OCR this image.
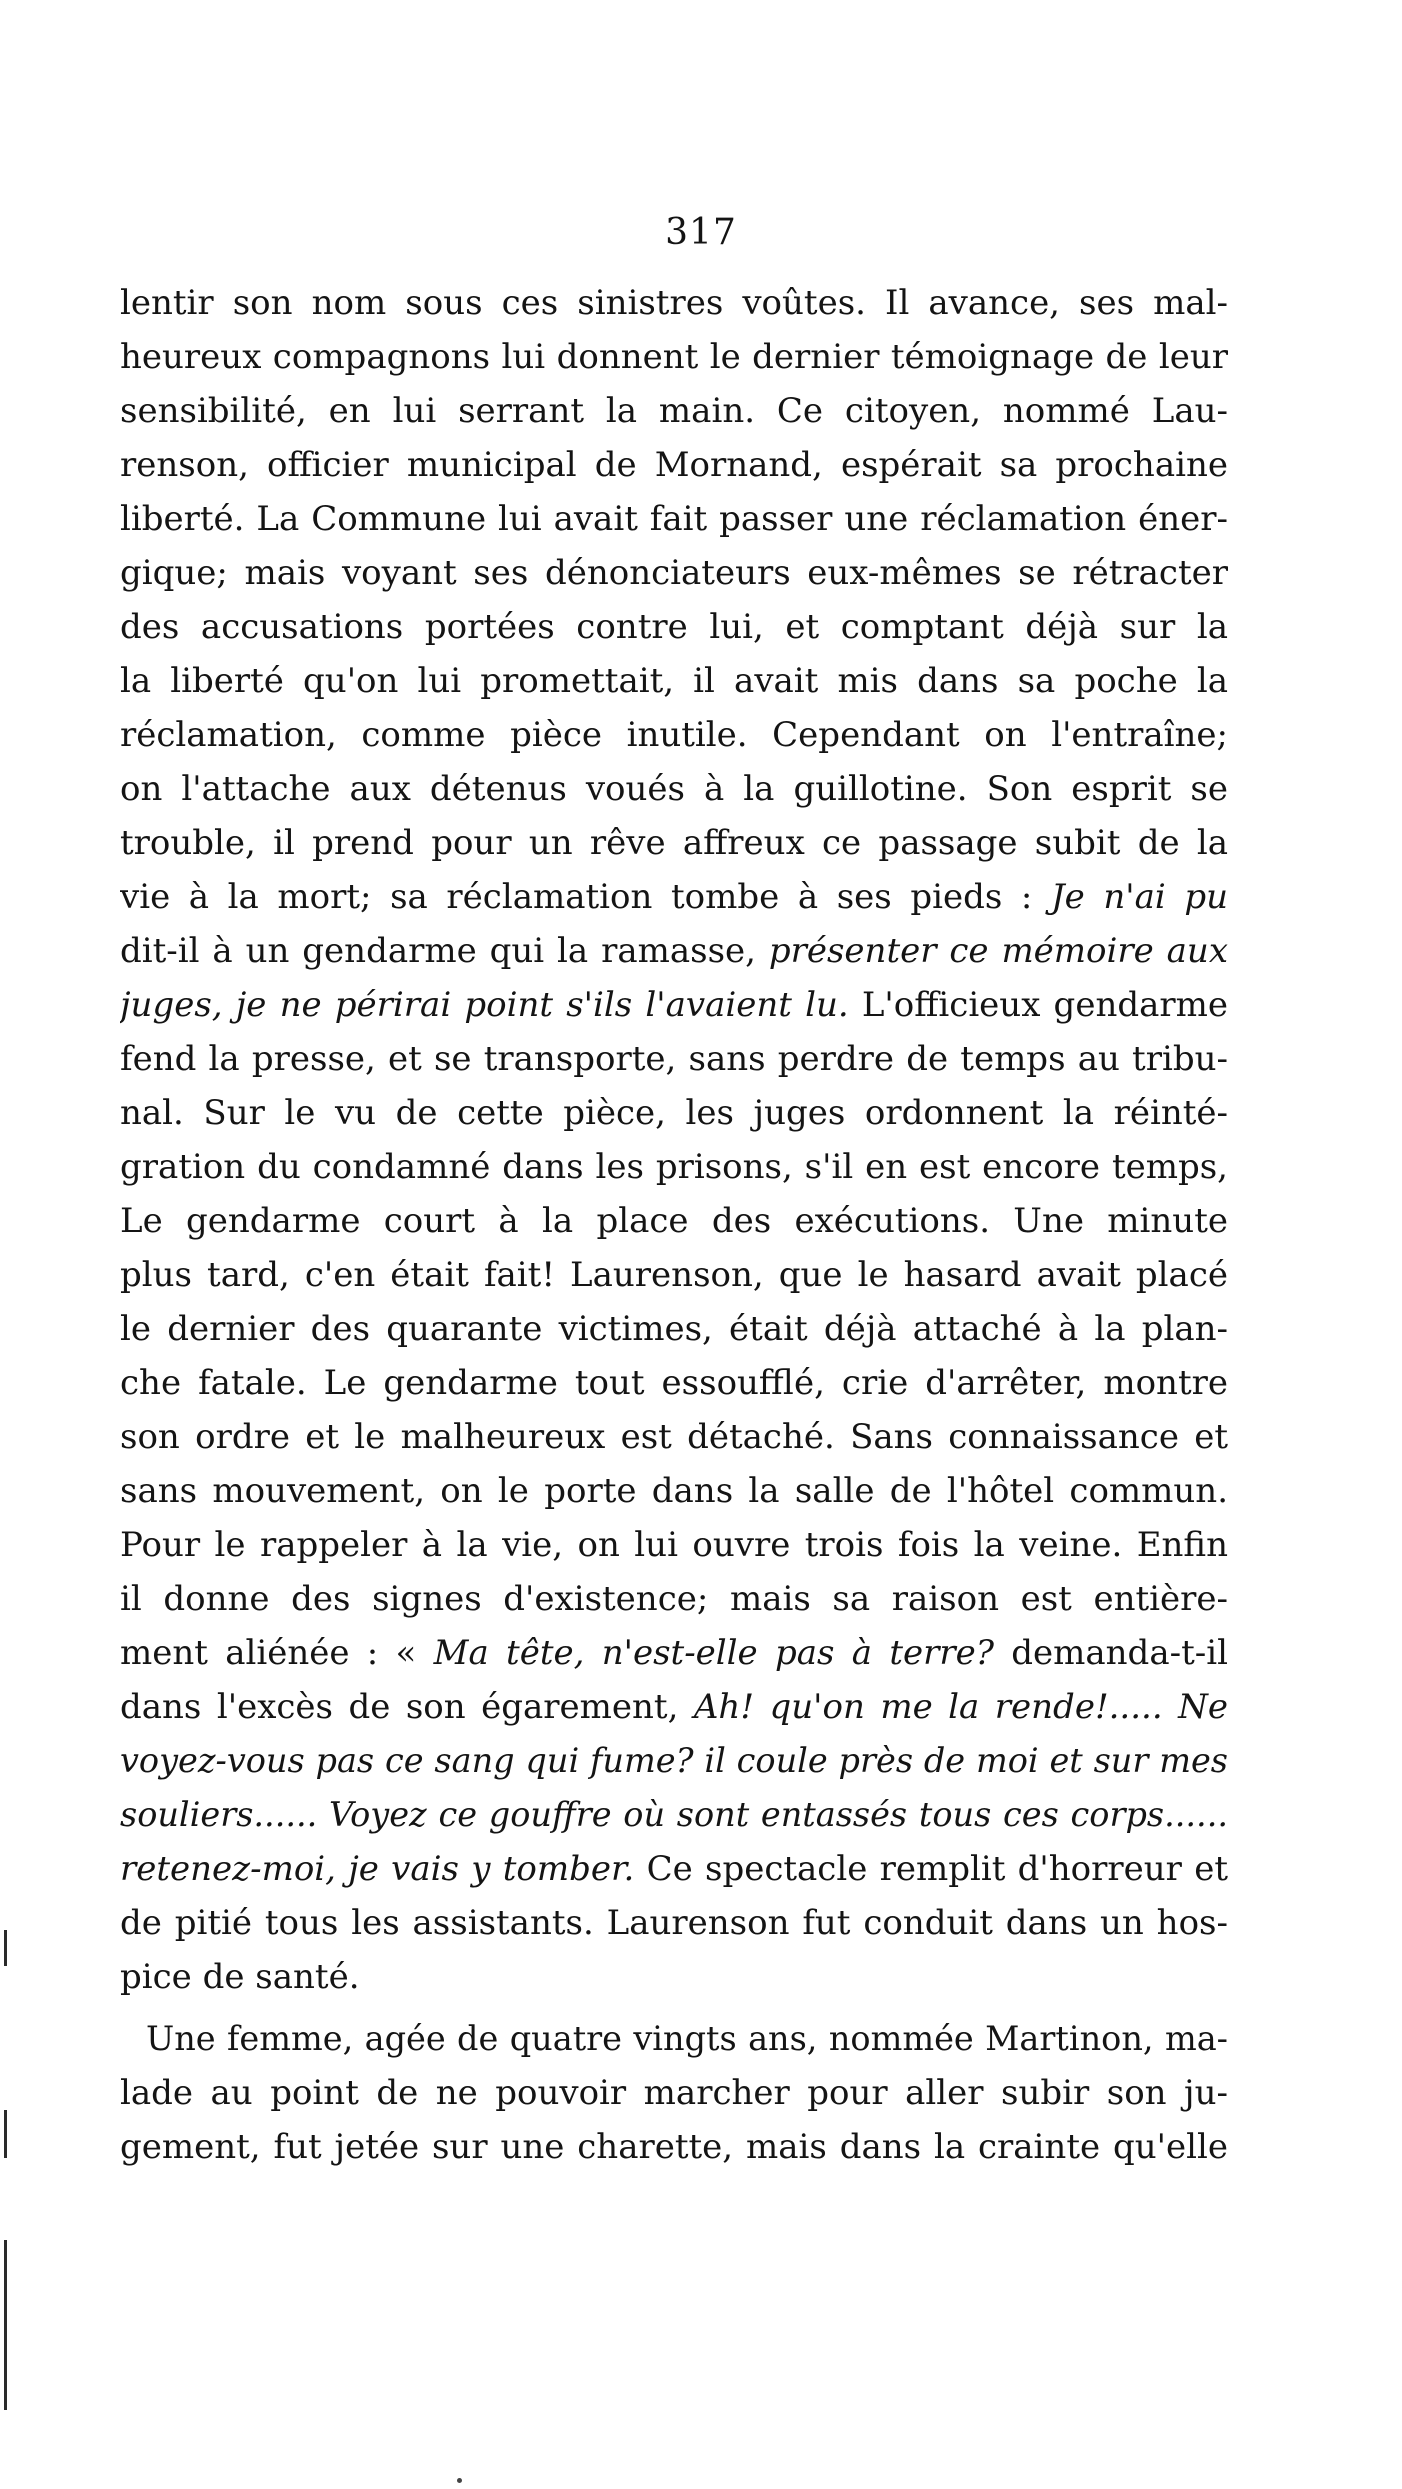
317
lentir son nom sous ces sinistres voûtes. Il avance, ses mal-
heureux compagnons lui donnent le dernier témoignage de leur
sensibilité, en lui serrant la main. Ce citoyen, nommé Lau-
renson, officier municipal de Mornand, espérait sa prochaine
liberté. La Commune lui avait fait passer une réclamation éner-
gique; mais voyant ses dénonciateurs eux-mêmes se rétracter
des accusations portées contre lui, et comptant déjà sur la
la liberté qu'on lui promettait, il avait mis dans sa poche la
réclamation, comme pièce inutile. Cependant on l'entraîne;
on l'attache aux détenus voués à la guillotine. Son esprit se
trouble, il prend pour un rêve affreux ce passage subit de la
vie à la mort; sa réclamation tombe à ses pieds : Je n'ai pu
dit-il à un gendarme qui la ramasse, présenter ce mémoire aux
juges, je ne périrai point s'ils l'avaient lu. L'officieux gendarme
fend la presse, et se transporte, sans perdre de temps au tribu-
nal. Sur le vu de cette pièce, les juges ordonnent la réinté-
gration du condamné dans les prisons, s'il en est encore temps,
Le gendarme court à la place des exécutions. Une minute
plus tard, c'en était fait! Laurenson, que le hasard avait placé
le dernier des quarante victimes, était déjà attaché à la plan-
che fatale. Le gendarme tout essoufflé, crie d'arrêter, montre
son ordre et le malheureux est détaché. Sans connaissance et
sans mouvement, on le porte dans la salle de l'hôtel commun.
Pour le rappeler à la vie, on lui ouvre trois fois la veine. Enfin
il donne des signes d'existence; mais sa raison est entière-
ment aliénée : « Ma tête, n'est-elle pas à terre? demanda-t-il
dans l'excès de son égarement, Ah! qu'on me la rende!..... Ne
voyez-vous pas ce sang qui fume? il coule près de moi et sur mes
souliers...... Voyez ce gouffre où sont entassés tous ces corps......
retenez-moi, je vais y tomber. Ce spectacle remplit d'horreur et
de pitié tous les assistants. Laurenson fut conduit dans un hos-
pice de santé.
Une femme, agée de quatre vingts ans, nommée Martinon, ma-
lade au point de ne pouvoir marcher pour aller subir son ju-
gement, fut jetée sur une charette, mais dans la crainte qu'elle
